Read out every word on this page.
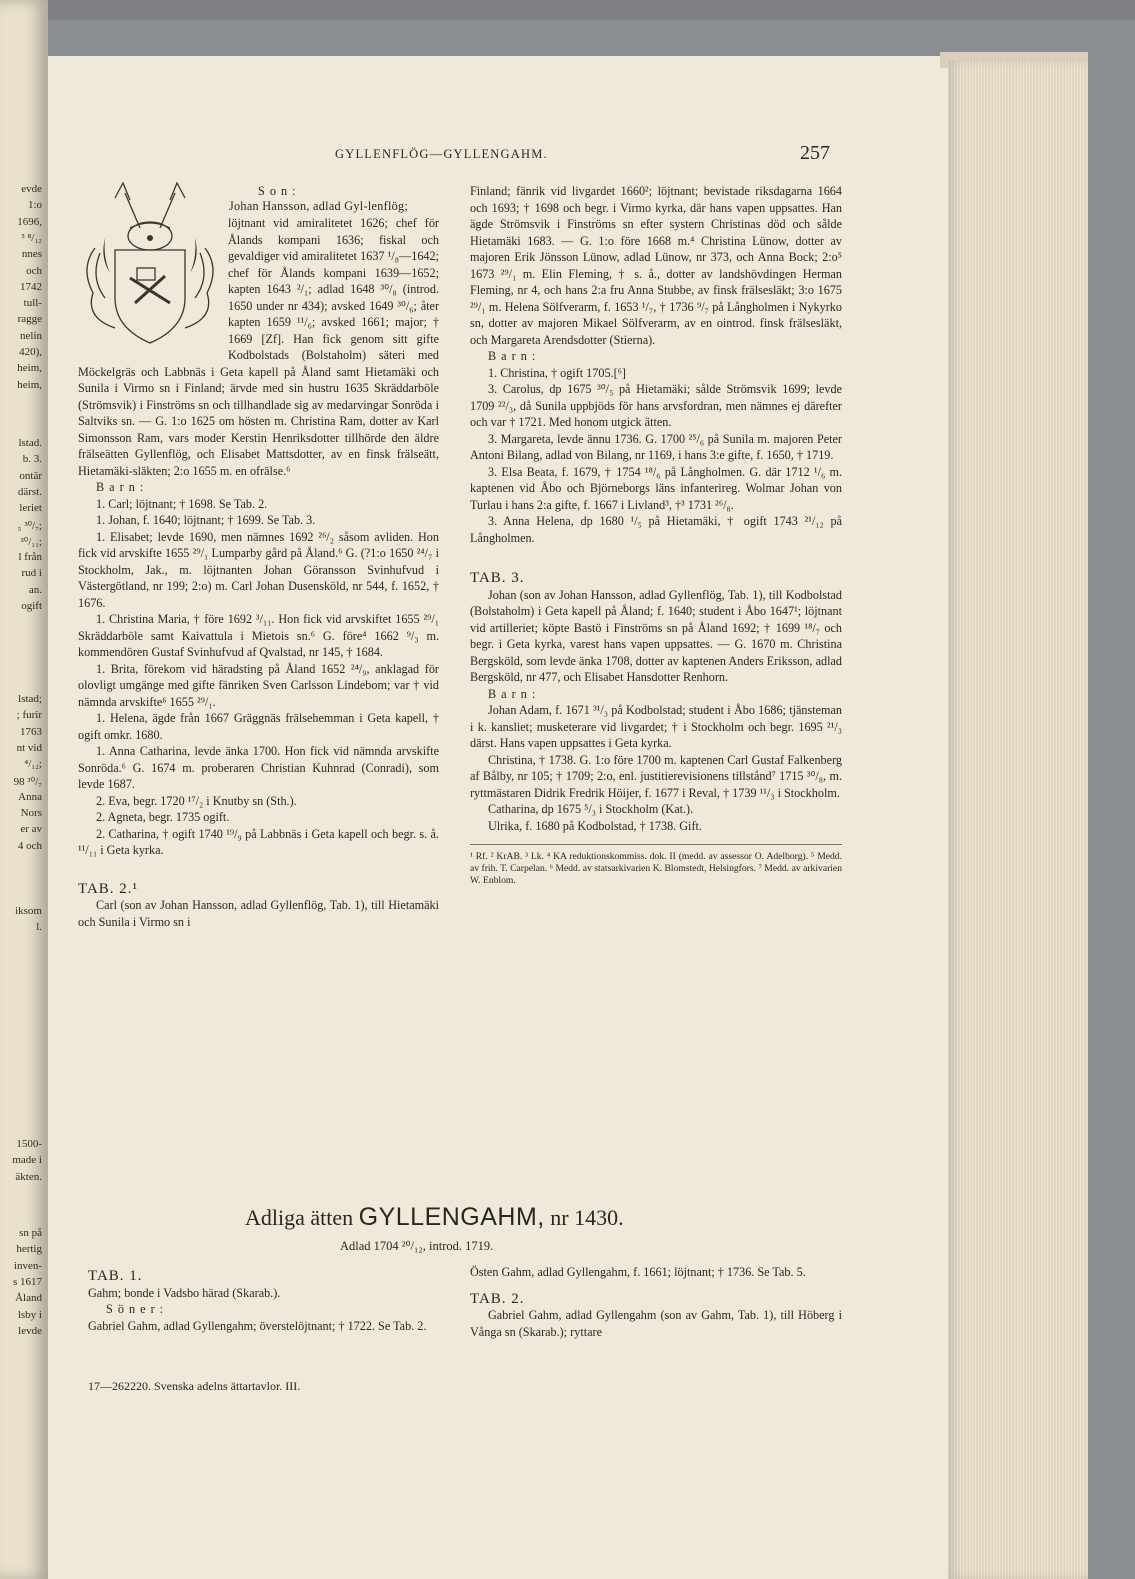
evde
1:o
1696,
³ ⁸/₁₂
nnes
och
1742
tull-
ragge
nelin
420),
heim,
heim,
lstad.
b. 3.
ontär
därst.
leriet
₅ ³⁰/₇;
³⁰/₁₁;
l från
rud i
an.
ogift
lstad;
; furir
1763
nt vid
⁴/₁₂;
98 ³⁰/₇
Anna
Nors
er av
4 och
iksom
l.
1500-
made i
äkten.
sn på
hertig
inven-
s 1617
Åland
lsby i
levde
GYLLENFLÖG—GYLLENGAHM.	257

S o n :

Johan Hansson, adlad Gyl-lenflög;

löjtnant vid amiralitetet 1626; chef för Ålands kompani 1636; fiskal och gevaldiger vid amiralitetet 1637 ¹/₈—1642; chef för Ålands kompani 1639—1652; kapten 1643 ²/₁; adlad 1648 ³⁰/₈ (introd. 1650 under nr 434); avsked 1649 ³⁰/₆; åter kapten 1659 ¹¹/₆; avsked 1661; major; † 1669 [Zf]. Han fick genom sitt gifte Kodbolstads (Bolstaholm) säteri med Möckelgräs och Labbnäs i Geta kapell på Åland samt Hietamäki och Sunila i Virmo sn i Finland; ärvde med sin hustru 1635 Skräddarböle (Strömsvik) i Finströms sn och tillhandlade sig av medarvingar Sonröda i Saltviks sn. — G. 1:o 1625 om hösten m. Christina Ram, dotter av Karl Simonsson Ram, vars moder Kerstin Henriksdotter tillhörde den äldre frälseätten Gyllenflög, och Elisabet Mattsdotter, av en finsk frälseätt, Hietamäki-släkten; 2:o 1655 m. en ofrälse.⁶

B a r n :

1. Carl; löjtnant; † 1698. Se Tab. 2.

1. Johan, f. 1640; löjtnant; † 1699. Se Tab. 3.

1. Elisabet; levde 1690, men nämnes 1692 ²⁶/₂ såsom avliden. Hon fick vid arvskifte 1655 ²⁹/₁ Lumparby gård på Åland.⁶ G. (?1:o 1650 ²⁴/₇ i Stockholm, Jak., m. löjtnanten Johan Göransson Svinhufvud i Västergötland, nr 199; 2:o) m. Carl Johan Dusensköld, nr 544, f. 1652, † 1676.

1. Christina Maria, † före 1692 ³/₁₁. Hon fick vid arvskiftet 1655 ²⁹/₁ Skräddarböle samt Kaivattula i Mietois sn.⁶ G. före⁴ 1662 ⁹/₃ m. kommendören Gustaf Svinhufvud af Qvalstad, nr 145, † 1684.

1. Brita, förekom vid häradsting på Åland 1652 ²⁴/₉, anklagad för olovligt umgänge med gifte fänriken Sven Carlsson Lindebom; var † vid nämnda arvskifte⁶ 1655 ²⁹/₁.

1. Helena, ägde från 1667 Gräggnäs frälsehemman i Geta kapell, † ogift omkr. 1680.

1. Anna Catharina, levde änka 1700. Hon fick vid nämnda arvskifte Sonröda.⁶ G. 1674 m. proberaren Christian Kuhnrad (Conradi), som levde 1687.

2. Eva, begr. 1720 ¹⁷/₂ i Knutby sn (Sth.).

2. Agneta, begr. 1735 ogift.

2. Catharina, † ogift 1740 ¹⁹/₉ på Labbnäs i Geta kapell och begr. s. å. ¹¹/₁₁ i Geta kyrka.

TAB. 2.¹

Carl (son av Johan Hansson, adlad Gyllenflög, Tab. 1), till Hietamäki och Sunila i Virmo sn i

Finland; fänrik vid livgardet 1660²; löjtnant; bevistade riksdagarna 1664 och 1693; † 1698 och begr. i Virmo kyrka, där hans vapen uppsattes. Han ägde Strömsvik i Finströms sn efter systern Christinas död och sålde Hietamäki 1683. — G. 1:o före 1668 m.⁴ Christina Lünow, dotter av majoren Erik Jönsson Lünow, adlad Lünow, nr 373, och Anna Bock; 2:o⁵ 1673 ²⁹/₁ m. Elin Fleming, † s. å., dotter av landshövdingen Herman Fleming, nr 4, och hans 2:a fru Anna Stubbe, av finsk frälsesläkt; 3:o 1675 ²⁹/₁ m. Helena Sölfverarm, f. 1653 ¹/₇, † 1736 ⁹/₇ på Långholmen i Nykyrko sn, dotter av majoren Mikael Sölfverarm, av en ointrod. finsk frälsesläkt, och Margareta Arendsdotter (Stierna).

B a r n :

1. Christina, † ogift 1705.[⁶]

3. Carolus, dp 1675 ³⁰/₅ på Hietamäki; sålde Strömsvik 1699; levde 1709 ²²/₃, då Sunila uppbjöds för hans arvsfordran, men nämnes ej därefter och var † 1721. Med honom utgick ätten.

3. Margareta, levde ännu 1736. G. 1700 ²⁵/₆ på Sunila m. majoren Peter Antoni Bilang, adlad von Bilang, nr 1169, i hans 3:e gifte, f. 1650, † 1719.

3. Elsa Beata, f. 1679, † 1754 ¹⁸/₆ på Långholmen. G. där 1712 ¹/₆ m. kaptenen vid Åbo och Björneborgs läns infanterireg. Wolmar Johan von Turlau i hans 2:a gifte, f. 1667 i Livland³, †³ 1731 ²⁶/₈.

3. Anna Helena, dp 1680 ¹/₅ på Hietamäki, † ogift 1743 ²¹/₁₂ på Långholmen.

TAB. 3.

Johan (son av Johan Hansson, adlad Gyllenflög, Tab. 1), till Kodbolstad (Bolstaholm) i Geta kapell på Åland; f. 1640; student i Åbo 1647¹; löjtnant vid artilleriet; köpte Bastö i Finströms sn på Åland 1692; † 1699 ¹⁸/₇ och begr. i Geta kyrka, varest hans vapen uppsattes. — G. 1670 m. Christina Bergsköld, som levde änka 1708, dotter av kaptenen Anders Eriksson, adlad Bergsköld, nr 477, och Elisabet Hansdotter Renhorn.

B a r n :

Johan Adam, f. 1671 ³¹/₃ på Kodbolstad; student i Åbo 1686; tjänsteman i k. kansliet; musketerare vid livgardet; † i Stockholm och begr. 1695 ²¹/₃ därst. Hans vapen uppsattes i Geta kyrka.

Christina, † 1738. G. 1:o före 1700 m. kaptenen Carl Gustaf Falkenberg af Bålby, nr 105; † 1709; 2:o, enl. justitierevisionens tillstånd⁷ 1715 ³⁰/₈, m. ryttmästaren Didrik Fredrik Höijer, f. 1677 i Reval, † 1739 ¹¹/₃ i Stockholm.

Catharina, dp 1675 ⁵/₃ i Stockholm (Kat.).

Ulrika, f. 1680 på Kodbolstad, † 1738. Gift.

¹ Rf. ² KrAB. ³ Lk. ⁴ KA reduktionskommiss. dok. II (medd. av assessor O. Adelborg). ⁵ Medd. av frih. T. Carpelan. ⁶ Medd. av statsarkivarien K. Blomstedt, Helsingfors. ⁷ Medd. av arkivarien W. Enblom.

Adliga ätten GYLLENGAHM, nr 1430.
Adlad 1704 ²⁰/₁₂, introd. 1719.

TAB. 1.

Gahm; bonde i Vadsbo härad (Skarab.).

S ö n e r :

Gabriel Gahm, adlad Gyllengahm; överstelöjtnant; † 1722. Se Tab. 2.

Östen Gahm, adlad Gyllengahm, f. 1661; löjtnant; † 1736. Se Tab. 5.

TAB. 2.

Gabriel Gahm, adlad Gyllengahm (son av Gahm, Tab. 1), till Höberg i Vånga sn (Skarab.); ryttare

17—262220. Svenska adelns ättartavlor. III.
